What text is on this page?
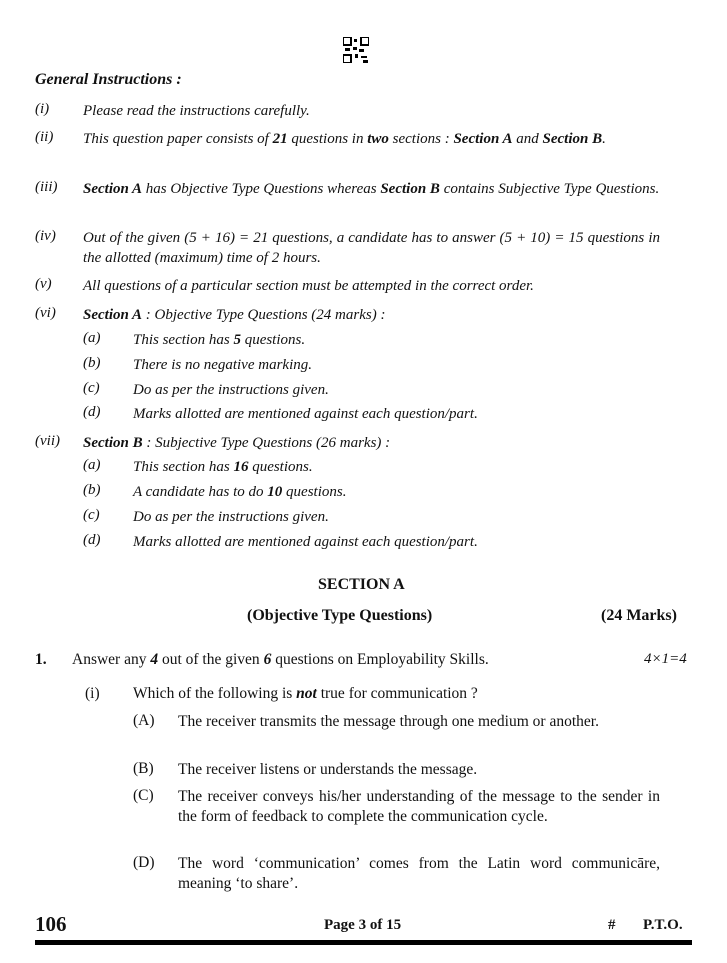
General Instructions :
(i) Please read the instructions carefully.
(ii) This question paper consists of 21 questions in two sections : Section A and Section B.
(iii) Section A has Objective Type Questions whereas Section B contains Subjective Type Questions.
(iv) Out of the given (5 + 16) = 21 questions, a candidate has to answer (5 + 10) = 15 questions in the allotted (maximum) time of 2 hours.
(v) All questions of a particular section must be attempted in the correct order.
(vi) Section A : Objective Type Questions (24 marks) :
(a) This section has 5 questions.
(b) There is no negative marking.
(c) Do as per the instructions given.
(d) Marks allotted are mentioned against each question/part.
(vii) Section B : Subjective Type Questions (26 marks) :
(a) This section has 16 questions.
(b) A candidate has to do 10 questions.
(c) Do as per the instructions given.
(d) Marks allotted are mentioned against each question/part.
SECTION A
(Objective Type Questions)	(24 Marks)
1. Answer any 4 out of the given 6 questions on Employability Skills.	4×1=4
(i) Which of the following is not true for communication ?
(A) The receiver transmits the message through one medium or another.
(B) The receiver listens or understands the message.
(C) The receiver conveys his/her understanding of the message to the sender in the form of feedback to complete the communication cycle.
(D) The word ‘communication’ comes from the Latin word communicāre, meaning ‘to share’.
106	Page 3 of 15	# P.T.O.
